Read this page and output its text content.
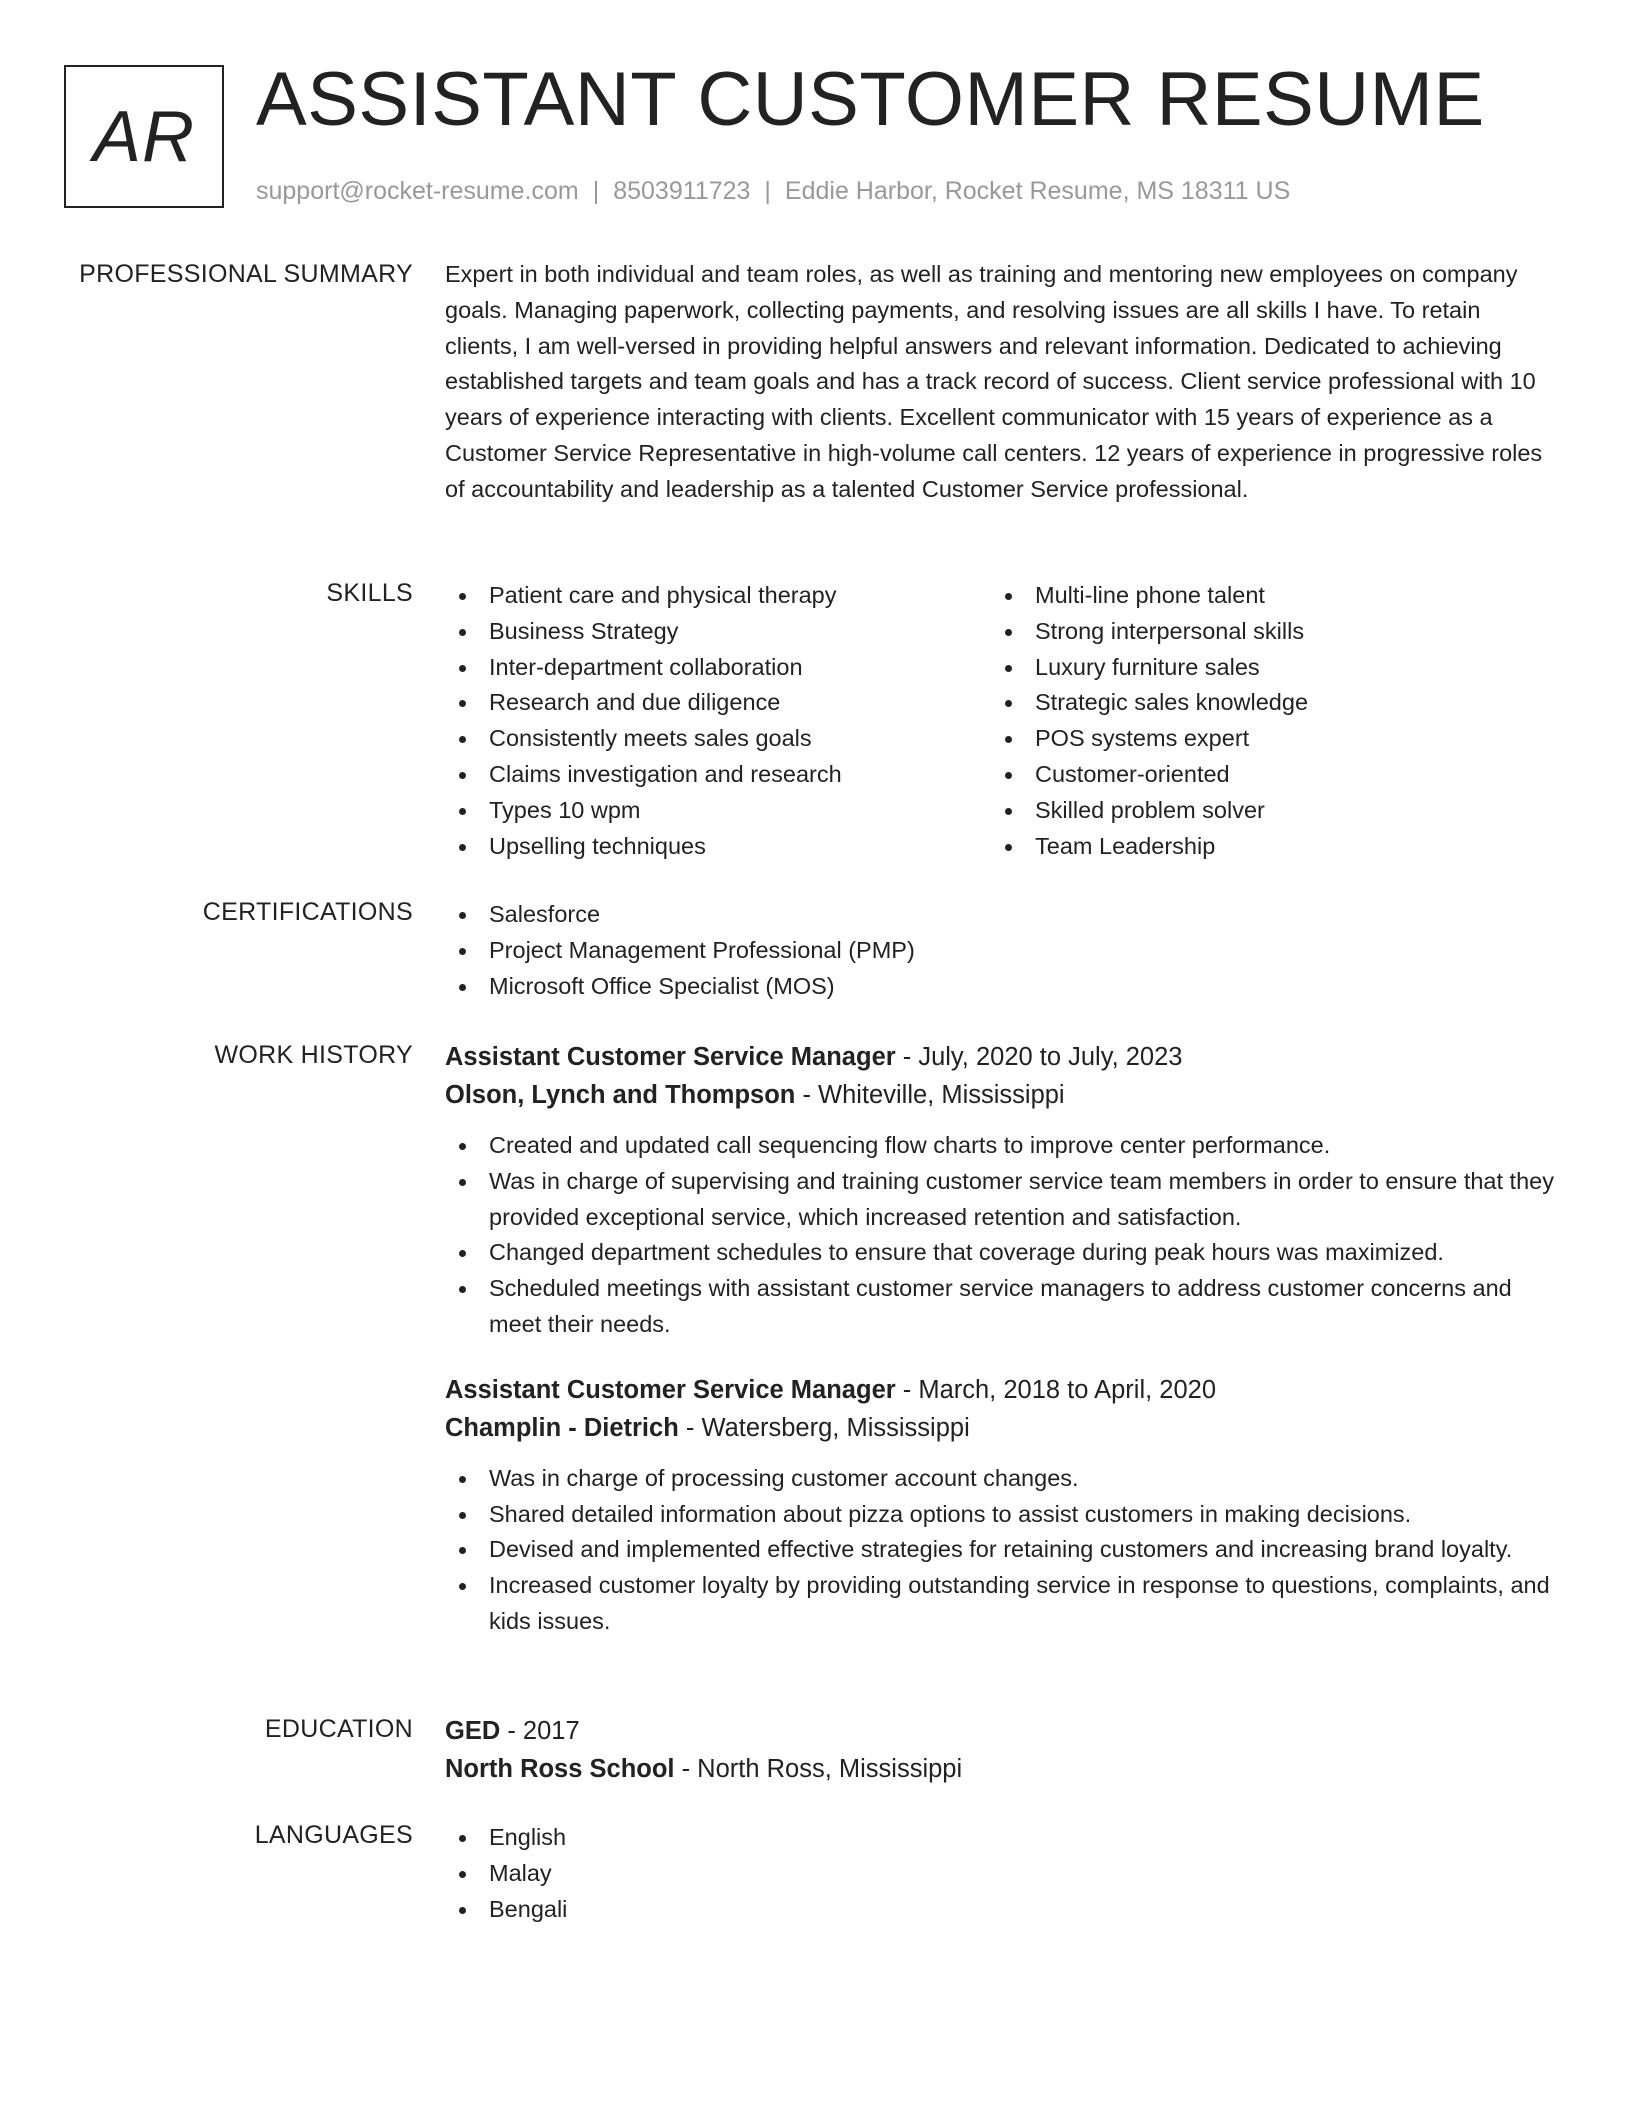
AR ASSISTANT CUSTOMER RESUME
support@rocket-resume.com | 8503911723 | Eddie Harbor, Rocket Resume, MS 18311 US
PROFESSIONAL SUMMARY Expert in both individual and team roles, as well as training and mentoring new employees on company goals. Managing paperwork, collecting payments, and resolving issues are all skills I have. To retain clients, I am well-versed in providing helpful answers and relevant information. Dedicated to achieving established targets and team goals and has a track record of success. Client service professional with 10 years of experience interacting with clients. Excellent communicator with 15 years of experience as a Customer Service Representative in high-volume call centers. 12 years of experience in progressive roles of accountability and leadership as a talented Customer Service professional.

SKILLS	Patient care and physical therapy
Business Strategy
Inter-department collaboration
Research and due diligence
Consistently meets sales goals
Claims investigation and research
Types 10 wpm
Upselling techniques
Multi-line phone talent
Strong interpersonal skills
Luxury furniture sales
Strategic sales knowledge
POS systems expert
Customer-oriented
Skilled problem solver
Team Leadership
CERTIFICATIONS	Salesforce
Project Management Professional (PMP)
Microsoft Office Specialist (MOS)
WORK HISTORY Assistant Customer Service Manager - July, 2020 to July, 2023
Olson, Lynch and Thompson - Whiteville, Mississippi
Created and updated call sequencing flow charts to improve center performance.
Was in charge of supervising and training customer service team members in order to ensure that they provided exceptional service, which increased retention and satisfaction.
Changed department schedules to ensure that coverage during peak hours was maximized.
Scheduled meetings with assistant customer service managers to address customer concerns and meet their needs.
Assistant Customer Service Manager - March, 2018 to April, 2020
Champlin - Dietrich - Watersberg, Mississippi
Was in charge of processing customer account changes.
Shared detailed information about pizza options to assist customers in making decisions.
Devised and implemented effective strategies for retaining customers and increasing brand loyalty.
Increased customer loyalty by providing outstanding service in response to questions, complaints, and kids issues.
EDUCATION GED - 2017
North Ross School - North Ross, Mississippi
LANGUAGES	English
Malay
Bengali
